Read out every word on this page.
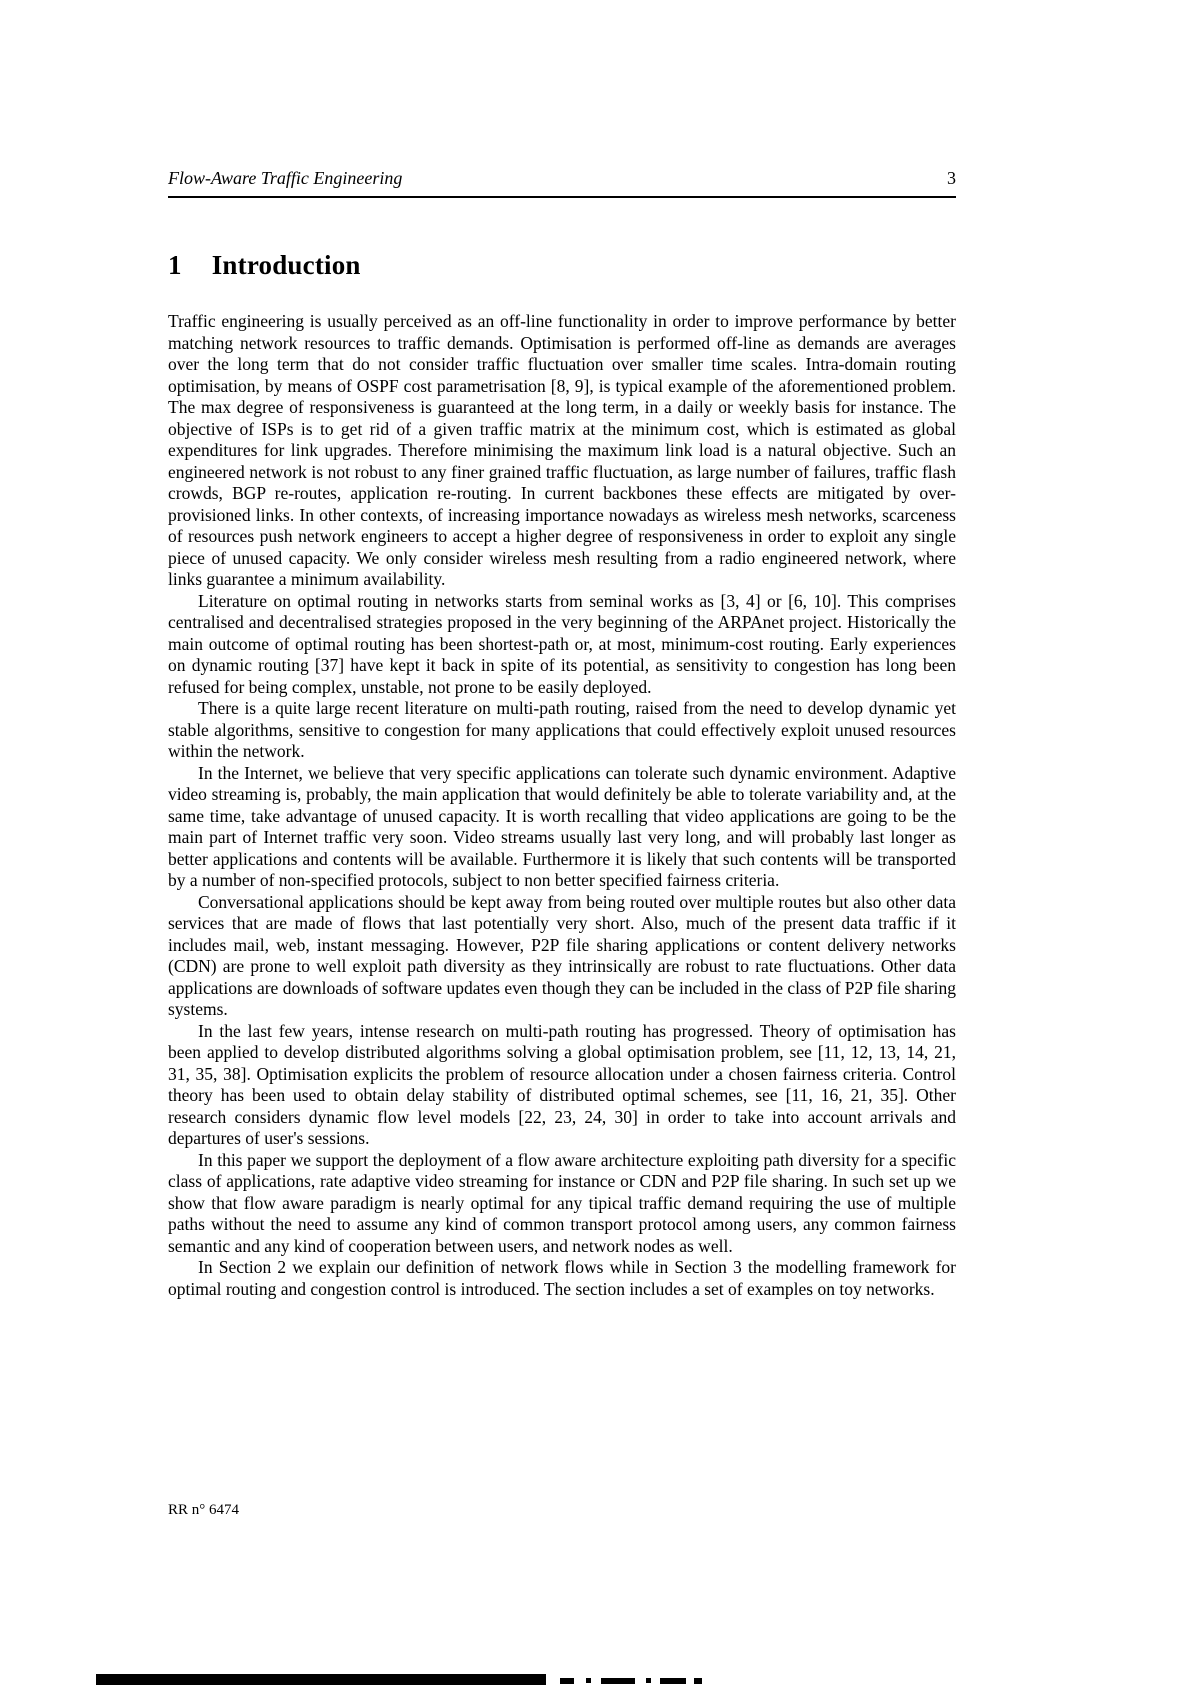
Flow-Aware Traffic Engineering	3
1 Introduction

Traffic engineering is usually perceived as an off-line functionality in order to improve performance by better matching network resources to traffic demands. Optimisation is performed off-line as demands are averages over the long term that do not consider traffic fluctuation over smaller time scales. Intra-domain routing optimisation, by means of OSPF cost parametrisation [8, 9], is typical example of the aforementioned problem. The max degree of responsiveness is guaranteed at the long term, in a daily or weekly basis for instance. The objective of ISPs is to get rid of a given traffic matrix at the minimum cost, which is estimated as global expenditures for link upgrades. Therefore minimising the maximum link load is a natural objective. Such an engineered network is not robust to any finer grained traffic fluctuation, as large number of failures, traffic flash crowds, BGP re-routes, application re-routing. In current backbones these effects are mitigated by over-provisioned links. In other contexts, of increasing importance nowadays as wireless mesh networks, scarceness of resources push network engineers to accept a higher degree of responsiveness in order to exploit any single piece of unused capacity. We only consider wireless mesh resulting from a radio engineered network, where links guarantee a minimum availability.

Literature on optimal routing in networks starts from seminal works as [3, 4] or [6, 10]. This comprises centralised and decentralised strategies proposed in the very beginning of the ARPAnet project. Historically the main outcome of optimal routing has been shortest-path or, at most, minimum-cost routing. Early experiences on dynamic routing [37] have kept it back in spite of its potential, as sensitivity to congestion has long been refused for being complex, unstable, not prone to be easily deployed.

There is a quite large recent literature on multi-path routing, raised from the need to develop dynamic yet stable algorithms, sensitive to congestion for many applications that could effectively exploit unused resources within the network.

In the Internet, we believe that very specific applications can tolerate such dynamic environment. Adaptive video streaming is, probably, the main application that would definitely be able to tolerate variability and, at the same time, take advantage of unused capacity. It is worth recalling that video applications are going to be the main part of Internet traffic very soon. Video streams usually last very long, and will probably last longer as better applications and contents will be available. Furthermore it is likely that such contents will be transported by a number of non-specified protocols, subject to non better specified fairness criteria.

Conversational applications should be kept away from being routed over multiple routes but also other data services that are made of flows that last potentially very short. Also, much of the present data traffic if it includes mail, web, instant messaging. However, P2P file sharing applications or content delivery networks (CDN) are prone to well exploit path diversity as they intrinsically are robust to rate fluctuations. Other data applications are downloads of software updates even though they can be included in the class of P2P file sharing systems.

In the last few years, intense research on multi-path routing has progressed. Theory of optimisation has been applied to develop distributed algorithms solving a global optimisation problem, see [11, 12, 13, 14, 21, 31, 35, 38]. Optimisation explicits the problem of resource allocation under a chosen fairness criteria. Control theory has been used to obtain delay stability of distributed optimal schemes, see [11, 16, 21, 35]. Other research considers dynamic flow level models [22, 23, 24, 30] in order to take into account arrivals and departures of user's sessions.

In this paper we support the deployment of a flow aware architecture exploiting path diversity for a specific class of applications, rate adaptive video streaming for instance or CDN and P2P file sharing. In such set up we show that flow aware paradigm is nearly optimal for any tipical traffic demand requiring the use of multiple paths without the need to assume any kind of common transport protocol among users, any common fairness semantic and any kind of cooperation between users, and network nodes as well.

In Section 2 we explain our definition of network flows while in Section 3 the modelling framework for optimal routing and congestion control is introduced. The section includes a set of examples on toy networks.

RR n° 6474
